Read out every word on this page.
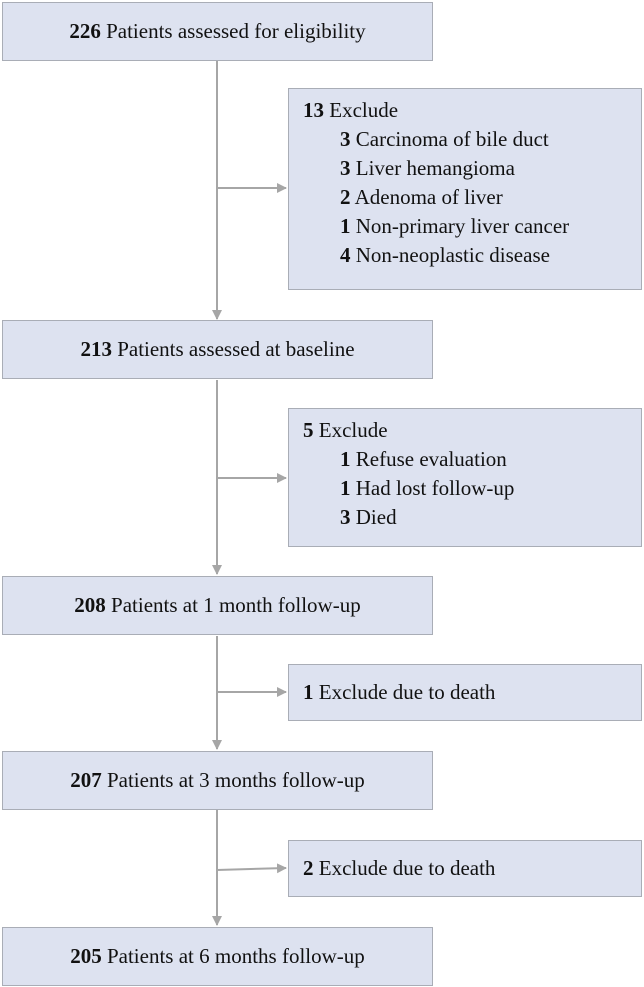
226 Patients assessed for eligibility
213 Patients assessed at baseline
208 Patients at 1 month follow-up
207 Patients at 3 months follow-up
205 Patients at 6 months follow-up
13 Exclude
3 Carcinoma of bile duct
3 Liver hemangioma
2 Adenoma of liver
1 Non-primary liver cancer
4 Non-neoplastic disease
5 Exclude
1 Refuse evaluation
1 Had lost follow-up
3 Died
1 Exclude due to death
2 Exclude due to death
